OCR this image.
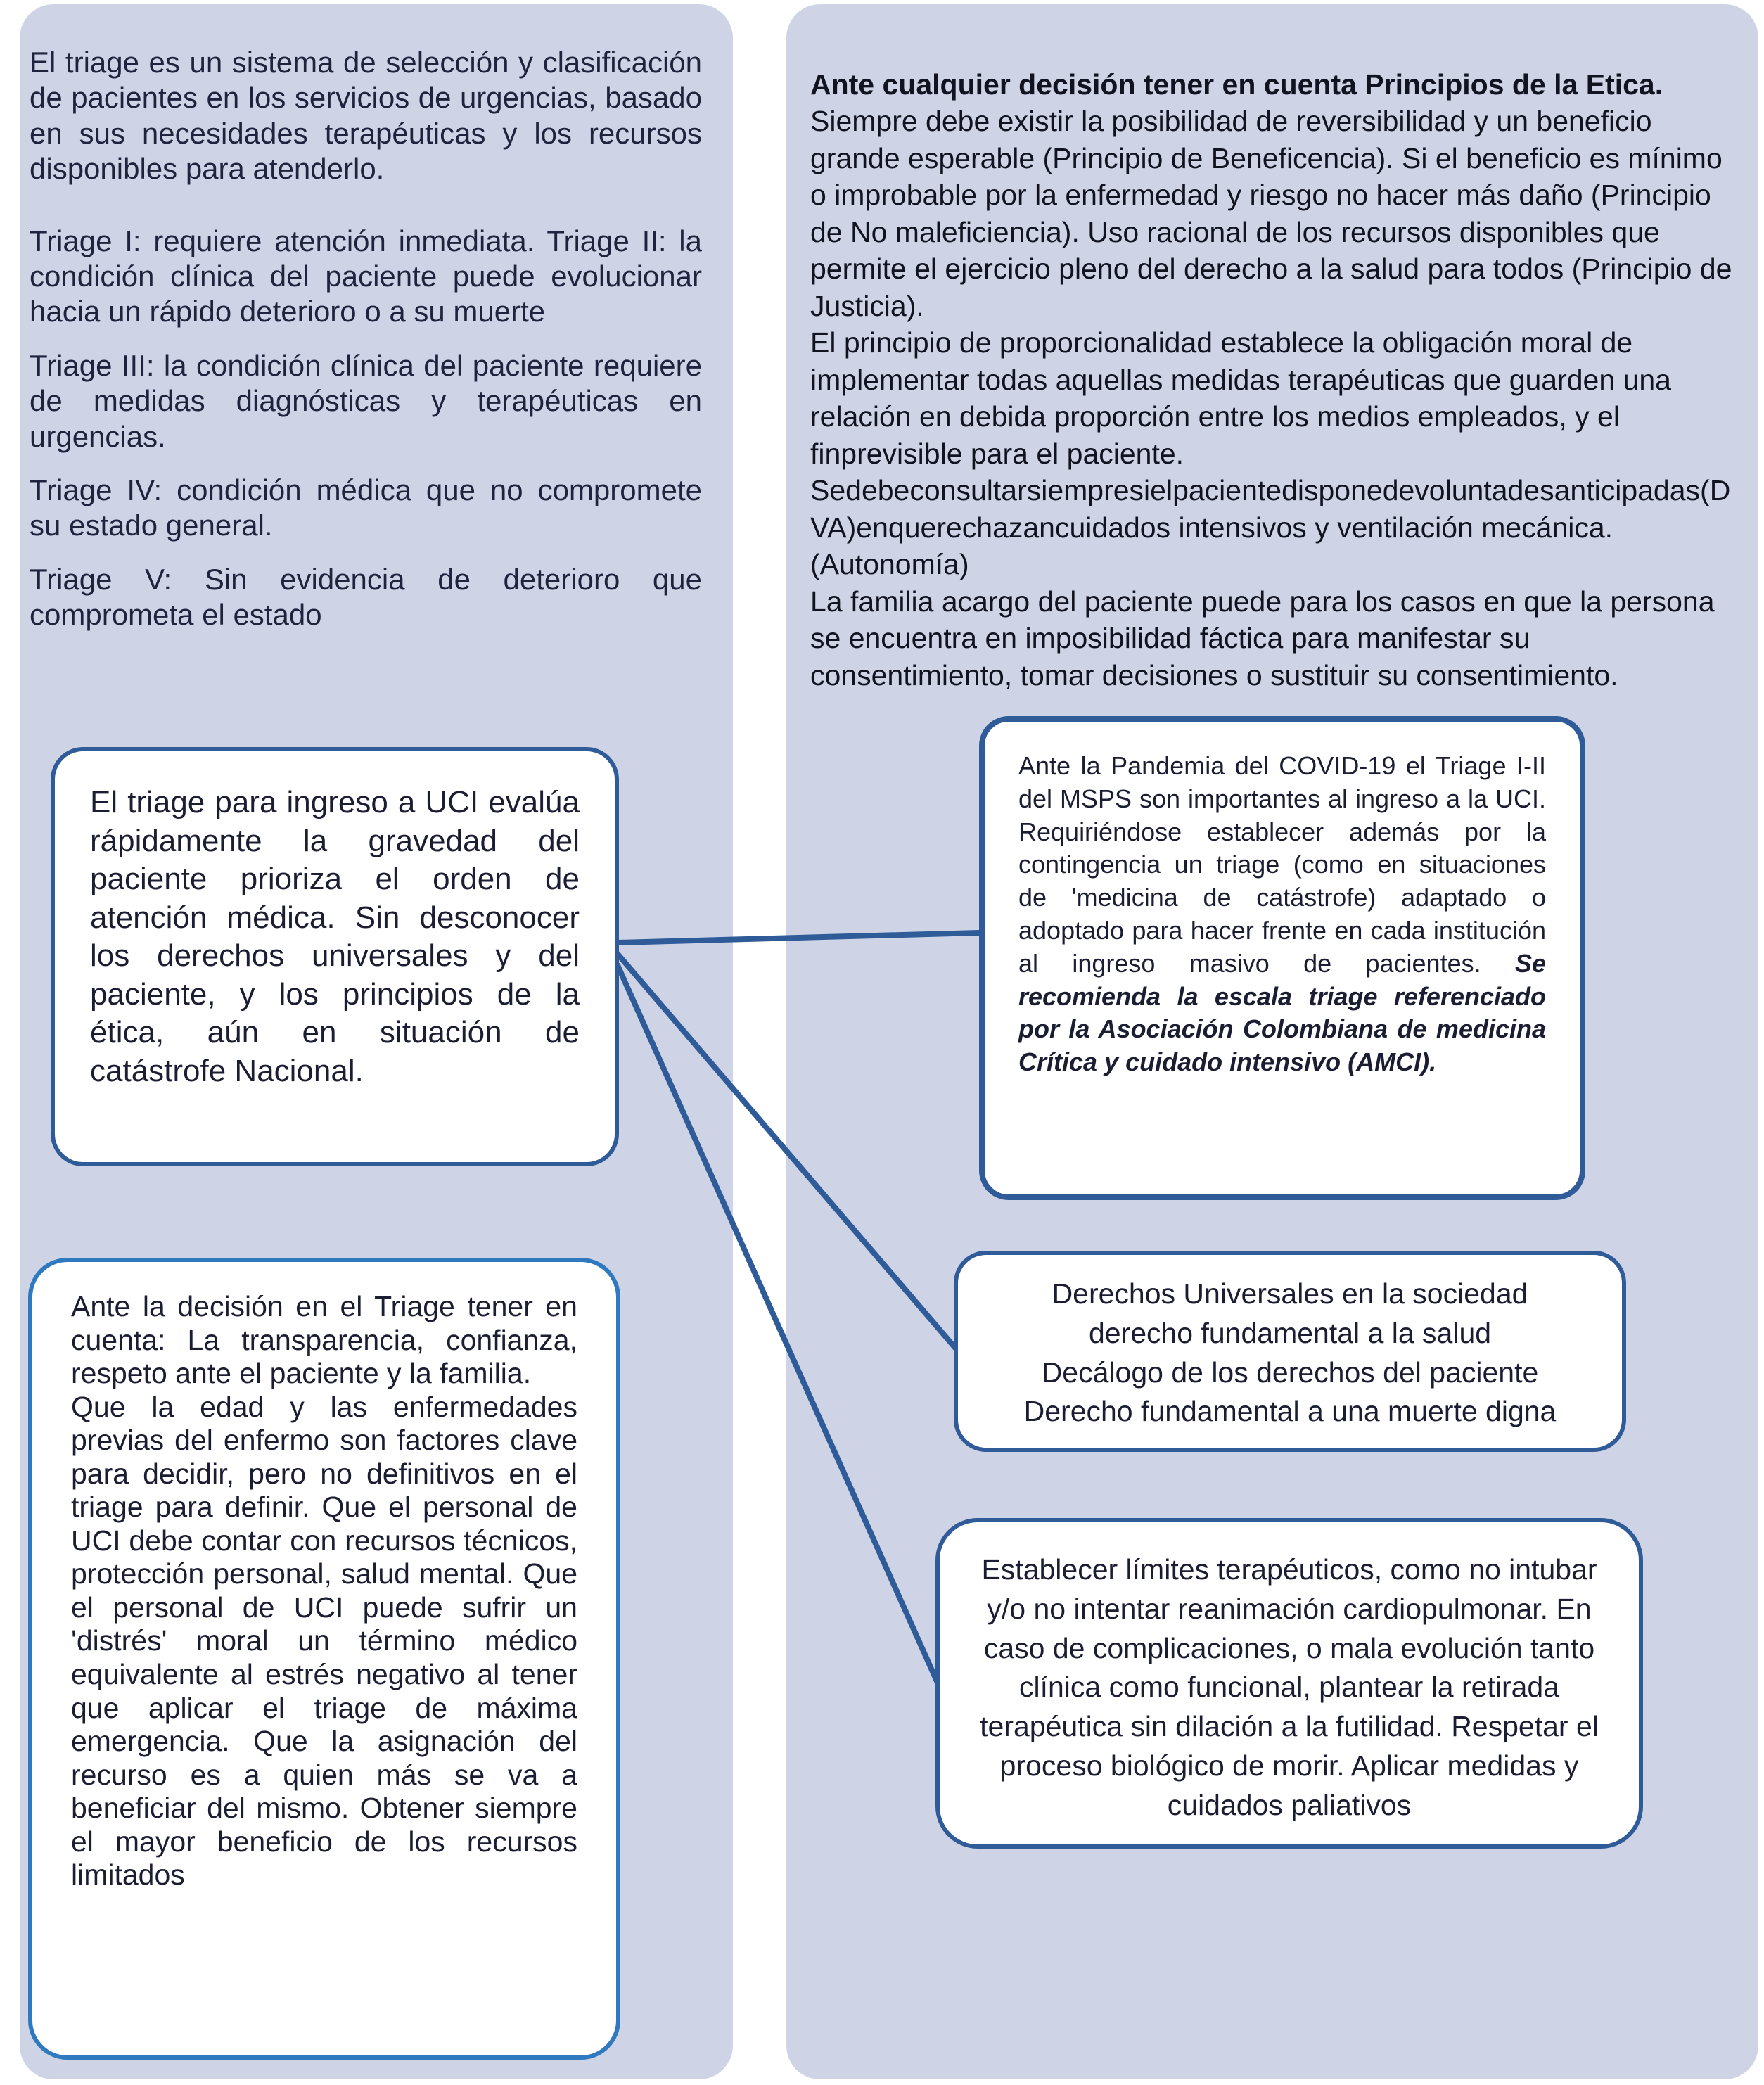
El triage es un sistema de selección y clasificación de pacientes en los servicios de urgencias, basado en sus necesidades terapéuticas y los recursos disponibles para atenderlo.

Triage I: requiere atención inmediata. Triage II: la condición clínica del paciente puede evolucionar hacia un rápido deterioro o a su muerte

Triage III: la condición clínica del paciente requiere de medidas diagnósticas y terapéuticas en urgencias.

Triage IV: condición médica que no compromete su estado general.

Triage V: Sin evidencia de deterioro que comprometa el estado

Ante cualquier decisión tener en cuenta Principios de la Etica.
Siempre debe existir la posibilidad de reversibilidad y un beneficio grande esperable (Principio de Beneficencia). Si el beneficio es mínimo o improbable por la enfermedad y riesgo no hacer más daño (Principio de No maleficiencia). Uso racional de los recursos disponibles que permite el ejercicio pleno del derecho a la salud para todos (Principio de Justicia).
El principio de proporcionalidad establece la obligación moral de implementar todas aquellas medidas terapéuticas que guarden una relación en debida proporción entre los medios empleados, y el finprevisible para el paciente.
Sedebeconsultarsiempresielpacientedisponedevoluntadesanticipadas(DVA)enquerechazancuidados intensivos y ventilación mecánica. (Autonomía)
La familia acargo del paciente puede para los casos en que la persona se encuentra en imposibilidad fáctica para manifestar su consentimiento, tomar decisiones o sustituir su consentimiento.
El triage para ingreso a UCI evalúa rápidamente la gravedad del paciente prioriza el orden de atención médica. Sin desconocer los derechos universales y del paciente, y los principios de la ética, aún en situación de catástrofe Nacional.
Ante la decisión en el Triage tener en cuenta: La transparencia, confianza, respeto ante el paciente y la familia.
Que la edad y las enfermedades previas del enfermo son factores clave para decidir, pero no definitivos en el triage para definir. Que el personal de UCI debe contar con recursos técnicos, protección personal, salud mental. Que el personal de UCI puede sufrir un 'distrés' moral un término médico equivalente al estrés negativo al tener que aplicar el triage de máxima emergencia. Que la asignación del recurso es a quien más se va a beneficiar del mismo. Obtener siempre el mayor beneficio de los recursos limitados
Ante la Pandemia del COVID-19 el Triage I-II del MSPS son importantes al ingreso a la UCI. Requiriéndose establecer además por la contingencia un triage (como en situaciones de 'medicina de catástrofe) adaptado o adoptado para hacer frente en cada institución al ingreso masivo de pacientes. Se recomienda la escala triage referenciado por la Asociación Colombiana de medicina Crítica y cuidado intensivo (AMCI).
Derechos Universales en la sociedad
derecho fundamental a la salud
Decálogo de los derechos del paciente
Derecho fundamental a una muerte digna
Establecer límites terapéuticos, como no intubar y/o no intentar reanimación cardiopulmonar. En caso de complicaciones, o mala evolución tanto clínica como funcional, plantear la retirada terapéutica sin dilación a la futilidad. Respetar el proceso biológico de morir. Aplicar medidas y cuidados paliativos
